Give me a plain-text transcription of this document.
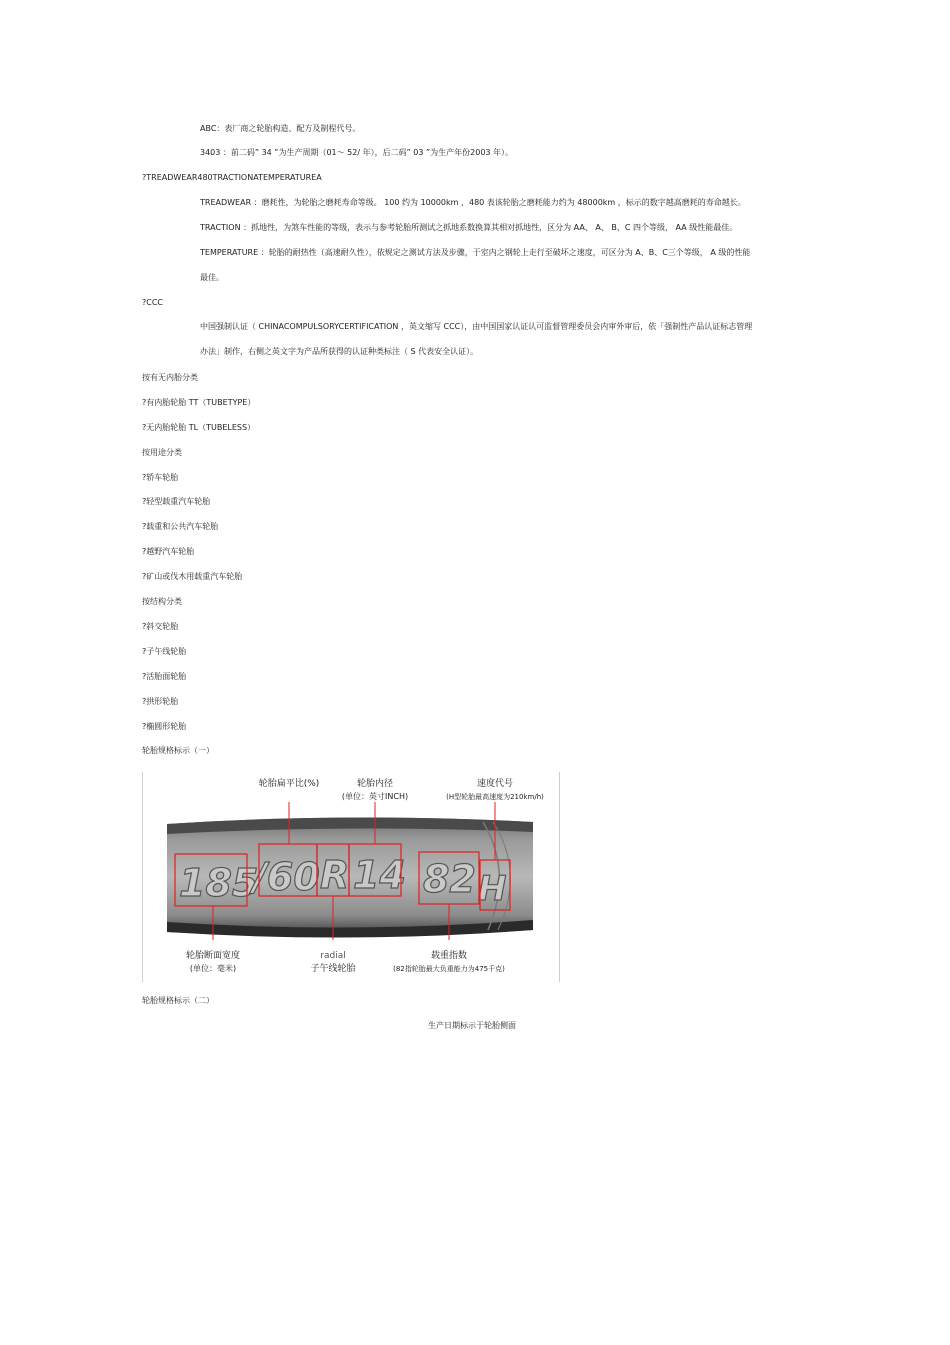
ABC：表厂商之轮胎构造、配方及制程代号。
3403 ：前二码” 34 ”为生产周期（01～ 52/ 年），后二码” 03 ”为生产年份2003 年）。
?TREADWEAR480TRACTIONATEMPERATUREA
TREADWEAR ：磨耗性，为轮胎之磨耗寿命等级。 100 约为 10000km ，480 表该轮胎之磨耗能力约为 48000km ，标示的数字越高磨耗的寿命越长。
TRACTION ：抓地性，为煞车性能的等级，表示与参考轮胎所测试之抓地系数换算其相对抓地性，区分为 AA、 A、 B、C 四个等级， AA 级性能最佳。
TEMPERATURE ：轮胎的耐热性（高速耐久性），依规定之测试方法及步骤，于室内之钢轮上走行至破坏之速度，可区分为 A、B、C三个等级， A 级的性能
最佳。
?CCC
中国强制认证（ CHINACOMPULSORYCERTIFICATION ，英文缩写 CCC），由中国国家认证认可监督管理委员会内审外审后，依「强制性产品认证标志管理
办法」制作，右侧之英文字为产品所获得的认证种类标注（ S 代表安全认证）。
按有无内胎分类
?有内胎轮胎 TT（TUBETYPE）
?无内胎轮胎 TL（TUBELESS）
按用途分类
?轿车轮胎
?轻型载重汽车轮胎
?载重和公共汽车轮胎
?越野汽车轮胎
?矿山或伐木用载重汽车轮胎
按结构分类
?斜交轮胎
?子午线轮胎
?活胎面轮胎
?拱形轮胎
?椭圆形轮胎
轮胎规格标示（一）
185
/60 R 14 82 H
轮胎扁平比(%)	轮胎内径
(单位：英寸INCH)
速度代号
(H型轮胎最高速度为210km/h)
轮胎断面宽度
(单位：毫米)
radial
子午线轮胎
载重指数
(82指轮胎最大负重能力为475千克)
轮胎规格标示（二）
生产日期标示于轮胎侧面
